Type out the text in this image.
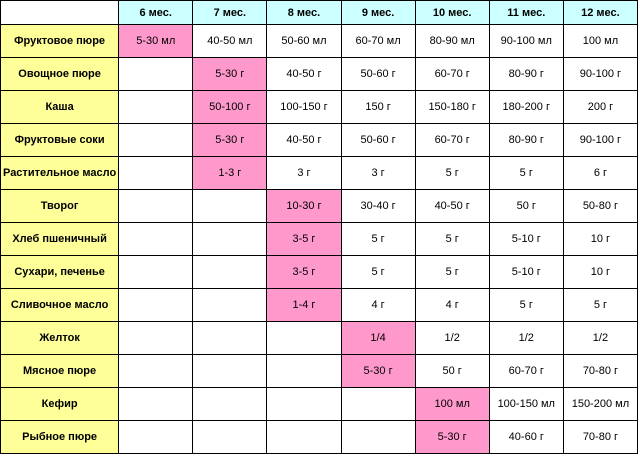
	6 мес.	7 мес.	8 мес.	9 мес.	10 мес.	11 мес.	12 мес.
Фруктовое пюре	5-30 мл	40-50 мл	50-60 мл	60-70 мл	80-90 мл	90-100 мл	100 мл
Овощное пюре		5-30 г	40-50 г	50-60 г	60-70 г	80-90 г	90-100 г
Каша		50-100 г	100-150 г	150 г	150-180 г	180-200 г	200 г
Фруктовые соки		5-30 г	40-50 г	50-60 г	60-70 г	80-90 г	90-100 г
Растительное масло		1-3 г	3 г	3 г	5 г	5 г	6 г
Творог			10-30 г	30-40 г	40-50 г	50 г	50-80 г
Хлеб пшеничный			3-5 г	5 г	5 г	5-10 г	10 г
Сухари, печенье			3-5 г	5 г	5 г	5-10 г	10 г
Сливочное масло			1-4 г	4 г	4 г	5 г	5 г
Желток				1/4	1/2	1/2	1/2
Мясное пюре				5-30 г	50 г	60-70 г	70-80 г
Кефир					100 мл	100-150 мл	150-200 мл
Рыбное пюре					5-30 г	40-60 г	70-80 г
